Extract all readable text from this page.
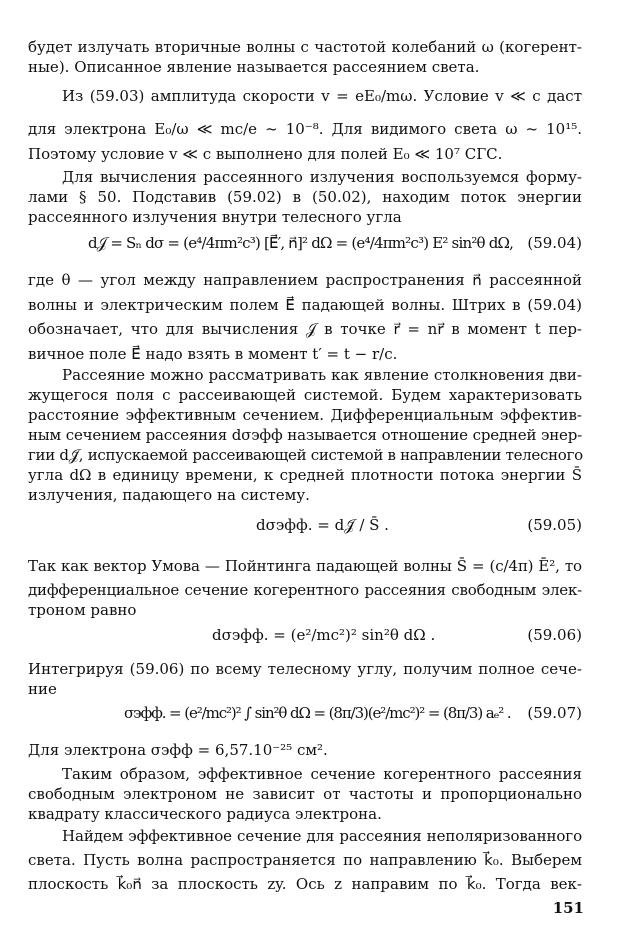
будет излучать вторичные волны с частотой колебаний ω (когерент-
ные). Описанное явление называется рассеянием света.
Из (59.03) амплитуда скорости v = eE₀/mω. Условие v ≪ c даст
для электрона E₀/ω ≪ mc/e ~ 10⁻⁸. Для видимого света ω ~ 10¹⁵.
Поэтому условие v ≪ c выполнено для полей E₀ ≪ 10⁷ СГС.
Для вычисления рассеянного излучения воспользуемся форму-
лами § 50. Подставив (59.02) в (50.02), находим поток энергии
рассеянного излучения внутри телесного угла
d𝒥 = Sₙ dσ = (e⁴/4πm²c³) [E⃗′, n⃗]² dΩ = (e⁴/4πm²c³) E² sin²θ dΩ, (59.04)
где θ — угол между направлением распространения n⃗ рассеянной
волны и электрическим полем E⃗ падающей волны. Штрих в (59.04)
обозначает, что для вычисления 𝒥 в точке r⃗ = nr⃗ в момент t пер-
вичное поле E⃗ надо взять в момент t′ = t − r/c.
Рассеяние можно рассматривать как явление столкновения дви-
жущегося поля с рассеивающей системой. Будем характеризовать
расстояние эффективным сечением. Дифференциальным эффектив-
ным сечением рассеяния dσэфф называется отношение средней энер-
гии d𝒥̄, испускаемой рассеивающей системой в направлении телесного
угла dΩ в единицу времени, к средней плотности потока энергии S̄
излучения, падающего на систему.
dσэфф. = d𝒥̄ / S̄ .	(59.05)
Так как вектор Умова — Пойнтинга падающей волны S̄ = (c/4π) Ē², то
дифференциальное сечение когерентного рассеяния свободным элек-
троном равно
dσэфф. = (e²/mc²)² sin²θ dΩ .	(59.06)
Интегрируя (59.06) по всему телесному углу, получим полное сече-
ние
σэфф. = (e²/mc²)² ∫ sin²θ dΩ = (8π/3)(e²/mc²)² = (8π/3) aₑ² . (59.07)
Для электрона σэфф = 6,57.10⁻²⁵ см².
Таким образом, эффективное сечение когерентного рассеяния
свободным электроном не зависит от частоты и пропорционально
квадрату классического радиуса электрона.
Найдем эффективное сечение для рассеяния неполяризованного
света. Пусть волна распространяется по направлению k⃗₀. Выберем
плоскость k⃗₀n⃗ за плоскость zy. Ось z направим по k⃗₀. Тогда век-
151
